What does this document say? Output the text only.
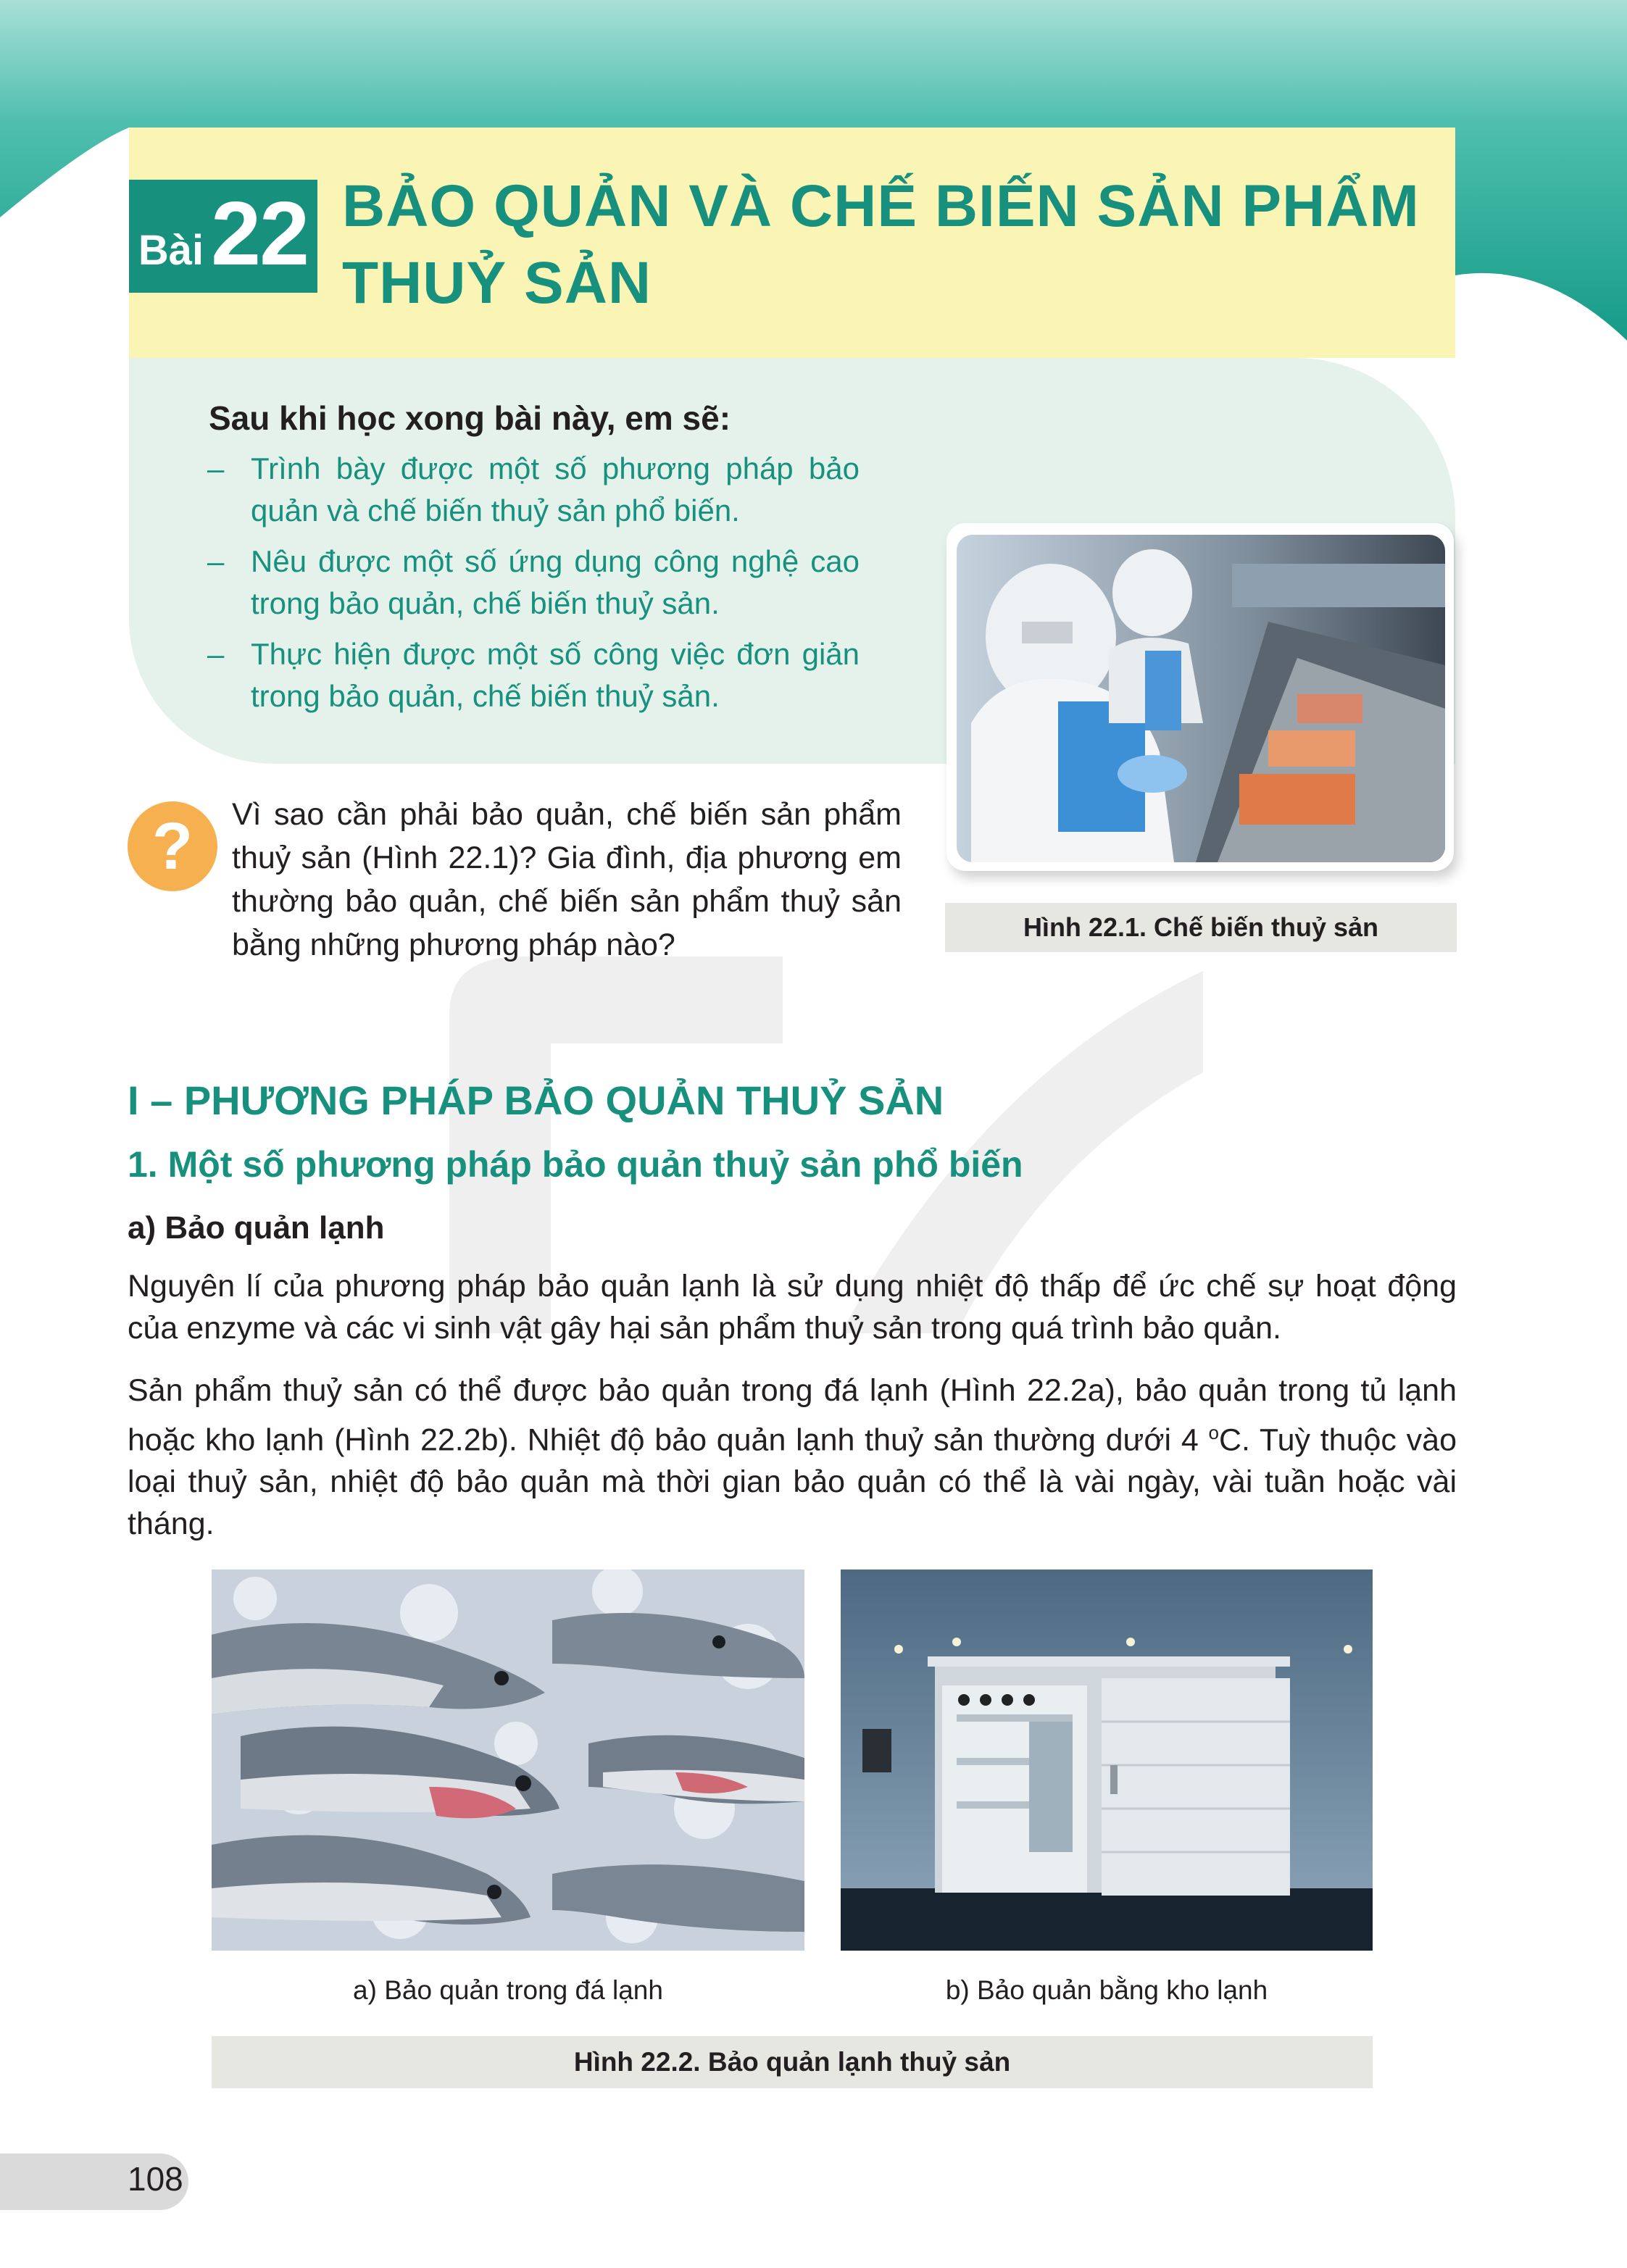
Bài 22 BẢO QUẢN VÀ CHẾ BIẾN SẢN PHẨM
THUỶ SẢN
Sau khi học xong bài này, em sẽ:
– Trình bày được một số phương pháp bảo quản và chế biến thuỷ sản phổ biến.
– Nêu được một số ứng dụng công nghệ cao trong bảo quản, chế biến thuỷ sản.
– Thực hiện được một số công việc đơn giản trong bảo quản, chế biến thuỷ sản.
Hình 22.1. Chế biến thuỷ sản
?	Vì sao cần phải bảo quản, chế biến sản phẩm thuỷ sản (Hình 22.1)? Gia đình, địa phương em thường bảo quản, chế biến sản phẩm thuỷ sản bằng những phương pháp nào?
I – PHƯƠNG PHÁP BẢO QUẢN THUỶ SẢN
1. Một số phương pháp bảo quản thuỷ sản phổ biến
a) Bảo quản lạnh
Nguyên lí của phương pháp bảo quản lạnh là sử dụng nhiệt độ thấp để ức chế sự hoạt động của enzyme và các vi sinh vật gây hại sản phẩm thuỷ sản trong quá trình bảo quản.
Sản phẩm thuỷ sản có thể được bảo quản trong đá lạnh (Hình 22.2a), bảo quản trong tủ lạnh hoặc kho lạnh (Hình 22.2b). Nhiệt độ bảo quản lạnh thuỷ sản thường dưới 4 $^o$C. Tuỳ thuộc vào loại thuỷ sản, nhiệt độ bảo quản mà thời gian bảo quản có thể là vài ngày, vài tuần hoặc vài tháng.
a) Bảo quản trong đá lạnh	b) Bảo quản bằng kho lạnh
Hình 22.2. Bảo quản lạnh thuỷ sản
108
